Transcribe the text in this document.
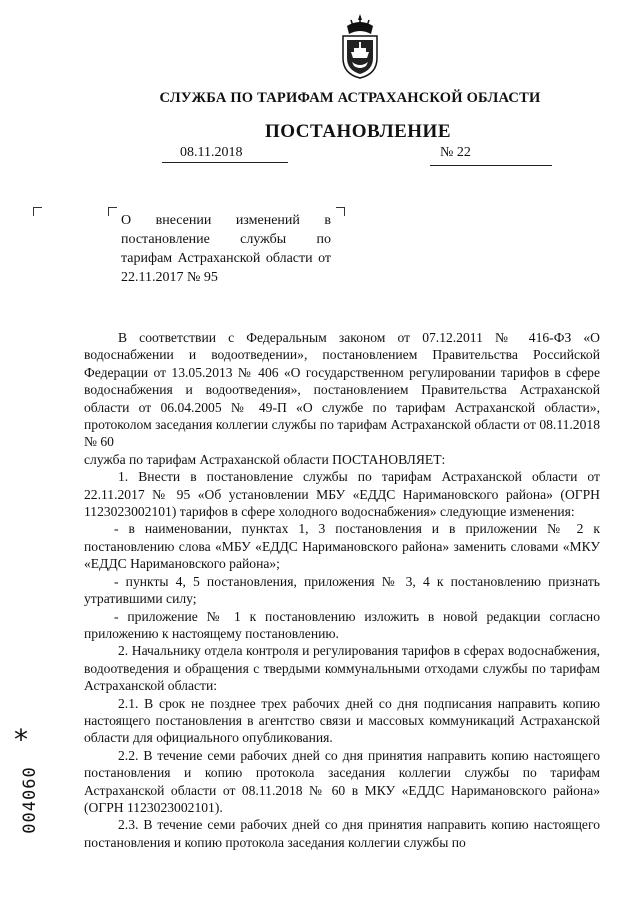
СЛУЖБА ПО ТАРИФАМ АСТРАХАНСКОЙ ОБЛАСТИ
ПОСТАНОВЛЕНИЕ
08.11.2018	№ 22
О внесении изменений в постановление службы по тарифам Астраханской области от 22.11.2017 № 95

В соответствии с Федеральным законом от 07.12.2011 № 416-ФЗ «О водоснабжении и водоотведении», постановлением Правительства Российской Федерации от 13.05.2013 № 406 «О государственном регулировании тарифов в сфере водоснабжения и водоотведения», постановлением Правительства Астраханской области от 06.04.2005 № 49-П «О службе по тарифам Астраханской области», протоколом заседания коллегии службы по тарифам Астраханской области от 08.11.2018 № 60

служба по тарифам Астраханской области ПОСТАНОВЛЯЕТ:

1. Внести в постановление службы по тарифам Астраханской области от 22.11.2017 № 95 «Об установлении МБУ «ЕДДС Наримановского района» (ОГРН 1123023002101) тарифов в сфере холодного водоснабжения» следующие изменения:

- в наименовании, пунктах 1, 3 постановления и в приложении № 2 к постановлению слова «МБУ «ЕДДС Наримановского района» заменить словами «МКУ «ЕДДС Наримановского района»;

- пункты 4, 5 постановления, приложения № 3, 4 к постановлению признать утратившими силу;

- приложение № 1 к постановлению изложить в новой редакции согласно приложению к настоящему постановлению.

2. Начальнику отдела контроля и регулирования тарифов в сферах водоснабжения, водоотведения и обращения с твердыми коммунальными отходами службы по тарифам Астраханской области:

2.1. В срок не позднее трех рабочих дней со дня подписания направить копию настоящего постановления в агентство связи и массовых коммуникаций Астраханской области для официального опубликования.

2.2. В течение семи рабочих дней со дня принятия направить копию настоящего постановления и копию протокола заседания коллегии службы по тарифам Астраханской области от 08.11.2018 № 60 в МКУ «ЕДДС Наримановского района» (ОГРН 1123023002101).

2.3. В течение семи рабочих дней со дня принятия направить копию настоящего постановления и копию протокола заседания коллегии службы по

*
004060
